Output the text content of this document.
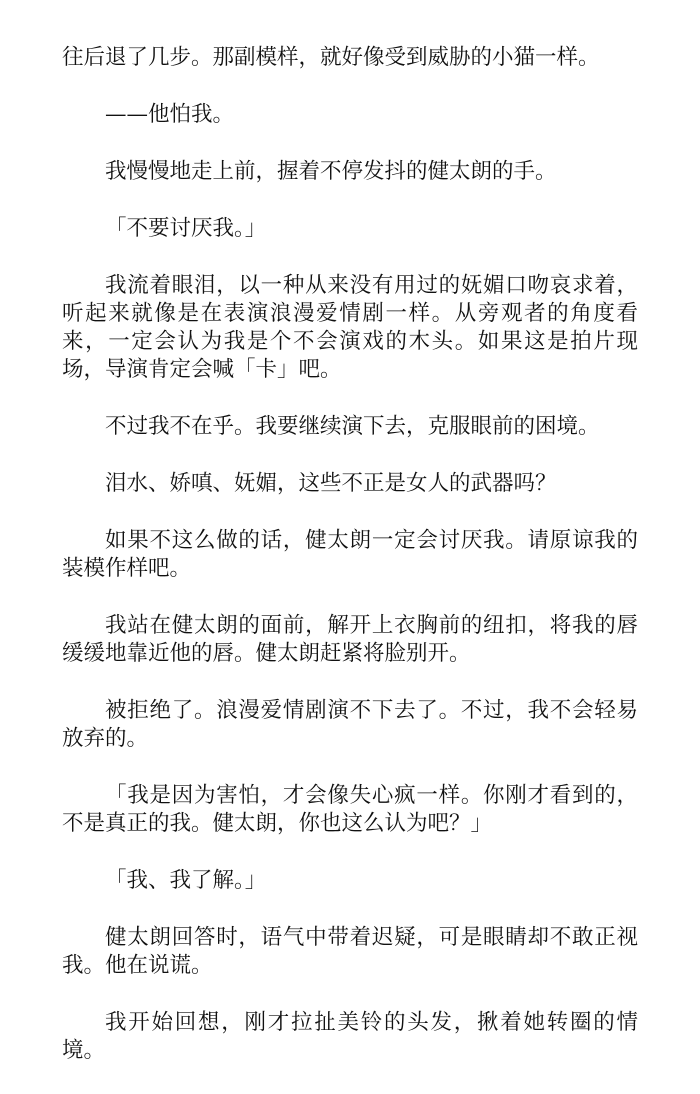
往后退了几步。那副模样，就好像受到威胁的小猫一样。

——他怕我。

我慢慢地走上前，握着不停发抖的健太朗的手。

「不要讨厌我。」

我流着眼泪，以一种从来没有用过的妩媚口吻哀求着，听起来就像是在表演浪漫爱情剧一样。从旁观者的角度看来，一定会认为我是个不会演戏的木头。如果这是拍片现场，导演肯定会喊「卡」吧。

不过我不在乎。我要继续演下去，克服眼前的困境。

泪水、娇嗔、妩媚，这些不正是女人的武器吗？

如果不这么做的话，健太朗一定会讨厌我。请原谅我的装模作样吧。

我站在健太朗的面前，解开上衣胸前的纽扣，将我的唇缓缓地靠近他的唇。健太朗赶紧将脸别开。

被拒绝了。浪漫爱情剧演不下去了。不过，我不会轻易放弃的。

「我是因为害怕，才会像失心疯一样。你刚才看到的，不是真正的我。健太朗，你也这么认为吧？」

「我、我了解。」

健太朗回答时，语气中带着迟疑，可是眼睛却不敢正视我。他在说谎。

我开始回想，刚才拉扯美铃的头发，揪着她转圈的情境。
